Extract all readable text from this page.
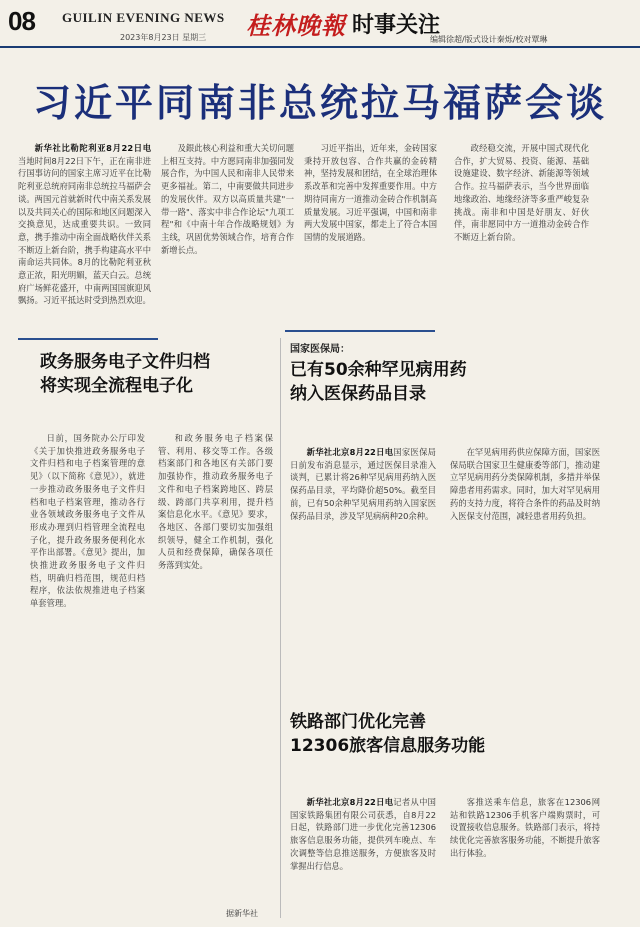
08 GUILIN EVENING NEWS
2023年8月23日 星期三 桂林晚報 时事关注
编辑徐超/版式设计秦烁/校对覃琳
习近平同南非总统拉马福萨会谈

新华社比勒陀利亚8月22日电当地时间8月22日下午，正在南非进行国事访问的国家主席习近平在比勒陀利亚总统府同南非总统拉马福萨会谈。两国元首就新时代中南关系发展以及共同关心的国际和地区问题深入交换意见，达成重要共识。一致同意，携手推动中南全面战略伙伴关系不断迈上新台阶，携手构建高水平中南命运共同体。8月的比勒陀利亚秋意正浓，阳光明媚，蓝天白云。总统府广场鲜花盛开，中南两国国旗迎风飘扬。习近平抵达时受到热烈欢迎。

及銀此核心利益和重大关切问题上相互支持。中方愿同南非加强同发展合作，为中国人民和南非人民带来更多福祉。第二，中南要做共同进步的发展伙伴。双方以高质量共建"一带一路"、落实中非合作论坛"九项工程"和《中南十年合作战略规划》为主线，巩固优势领域合作，培育合作新增长点。

习近平指出，近年来，金砖国家秉持开放包容、合作共赢的金砖精神，坚持发展和团结，在全球治理体系改革和完善中发挥重要作用。中方期待同南方一道推动金砖合作机制高质量发展。习近平强调，中国和南非两大发展中国家，都走上了符合本国国情的发展道路。

政经稳交流，开展中国式现代化合作，扩大贸易、投资、能源、基础设施建设、数字经济、新能源等领域合作。拉马福萨表示，当今世界面临地缘政治、地缘经济等多重严峻复杂挑战。南非和中国是好朋友、好伙伴，南非愿同中方一道推动金砖合作不断迈上新台阶。

政务服务电子文件归档
将实现全流程电子化

日前，国务院办公厅印发《关于加快推进政务服务电子文件归档和电子档案管理的意见》（以下简称《意见》），就进一步推动政务服务电子文件归档和电子档案管理，推动各行业各领域政务服务电子文件从形成办理到归档管理全流程电子化，提升政务服务便利化水平作出部署。《意见》提出，加快推进政务服务电子文件归档，明确归档范围，规范归档程序，依法依规推进电子档案单套管理。

和政务服务电子档案保管、利用、移交等工作。各级档案部门和各地区有关部门要加强协作，推动政务服务电子文件和电子档案跨地区、跨层级、跨部门共享利用，提升档案信息化水平。《意见》要求，各地区、各部门要切实加强组织领导，健全工作机制，强化人员和经费保障，确保各项任务落到实处。

据新华社
国家医保局：
已有50余种罕见病用药
纳入医保药品目录

新华社北京8月22日电国家医保局日前发布消息显示，通过医保目录准入谈判，已累计将26种罕见病用药纳入医保药品目录，平均降价超50%。截至目前，已有50余种罕见病用药纳入国家医保药品目录，涉及罕见病病种20余种。

在罕见病用药供应保障方面，国家医保局联合国家卫生健康委等部门，推动建立罕见病用药分类保障机制，多措并举保障患者用药需求。同时，加大对罕见病用药的支持力度，将符合条件的药品及时纳入医保支付范围，减轻患者用药负担。

铁路部门优化完善
12306旅客信息服务功能

新华社北京8月22日电记者从中国国家铁路集团有限公司获悉，自8月22日起，铁路部门进一步优化完善12306旅客信息服务功能，提供列车晚点、车次调整等信息推送服务，方便旅客及时掌握出行信息。

客推送乘车信息，旅客在12306网站和铁路12306手机客户端购票时，可设置接收信息服务。铁路部门表示，将持续优化完善旅客服务功能，不断提升旅客出行体验。
